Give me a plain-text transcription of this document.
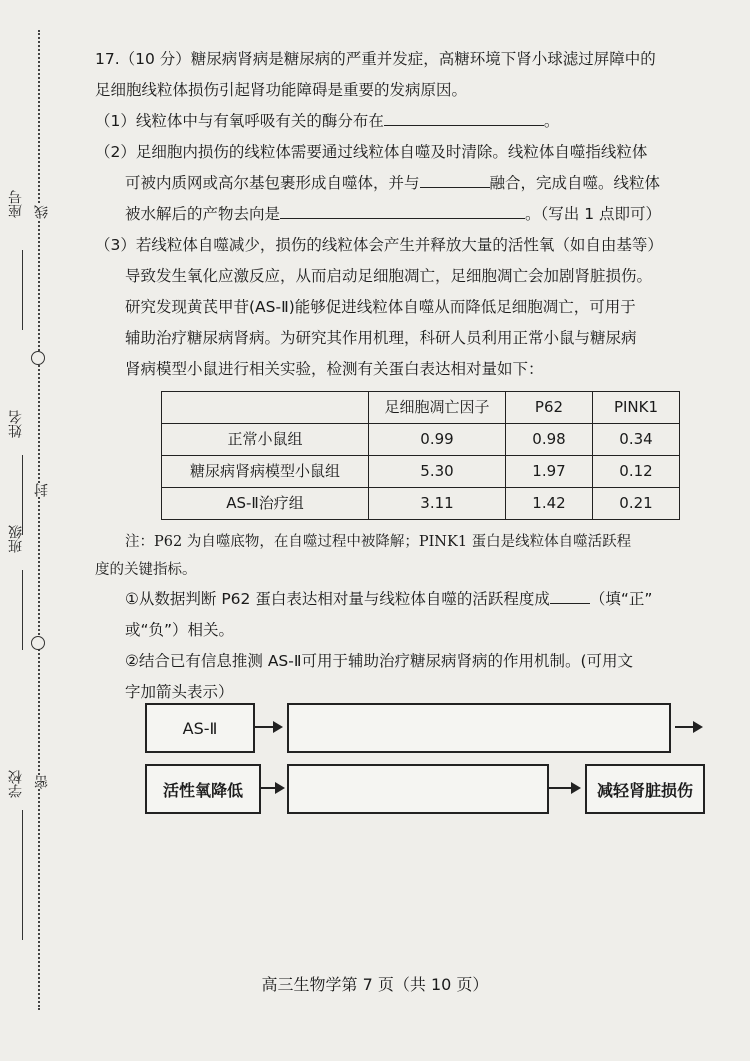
座号
姓名
班级
学校
线
封
密

17.（10 分）糖尿病肾病是糖尿病的严重并发症，高糖环境下肾小球滤过屏障中的

足细胞线粒体损伤引起肾功能障碍是重要的发病原因。

（1）线粒体中与有氧呼吸有关的酶分布在	。

（2）足细胞内损伤的线粒体需要通过线粒体自噬及时清除。线粒体自噬指线粒体

可被内质网或高尔基包裹形成自噬体，并与	融合，完成自噬。线粒体

被水解后的产物去向是	。（写出 1 点即可）

（3）若线粒体自噬减少，损伤的线粒体会产生并释放大量的活性氧（如自由基等）

导致发生氧化应激反应，从而启动足细胞凋亡，足细胞凋亡会加剧肾脏损伤。

研究发现黄芪甲苷(AS-Ⅱ)能够促进线粒体自噬从而降低足细胞凋亡，可用于

辅助治疗糖尿病肾病。为研究其作用机理，科研人员利用正常小鼠与糖尿病

肾病模型小鼠进行相关实验，检测有关蛋白表达相对量如下：

	足细胞凋亡因子	P62	PINK1
正常小鼠组	0.99	0.98	0.34
糖尿病肾病模型小鼠组	5.30	1.97	0.12
AS-Ⅱ治疗组	3.11	1.42	0.21
注：P62 为自噬底物，在自噬过程中被降解；PINK1 蛋白是线粒体自噬活跃程
度的关键指标。

①从数据判断 P62 蛋白表达相对量与线粒体自噬的活跃程度成	（填“正”

或“负”）相关。

②结合已有信息推测 AS-Ⅱ可用于辅助治疗糖尿病肾病的作用机制。(可用文

字加箭头表示）

AS-Ⅱ
活性氧降低	减轻肾脏损伤
高三生物学第 7 页（共 10 页）
